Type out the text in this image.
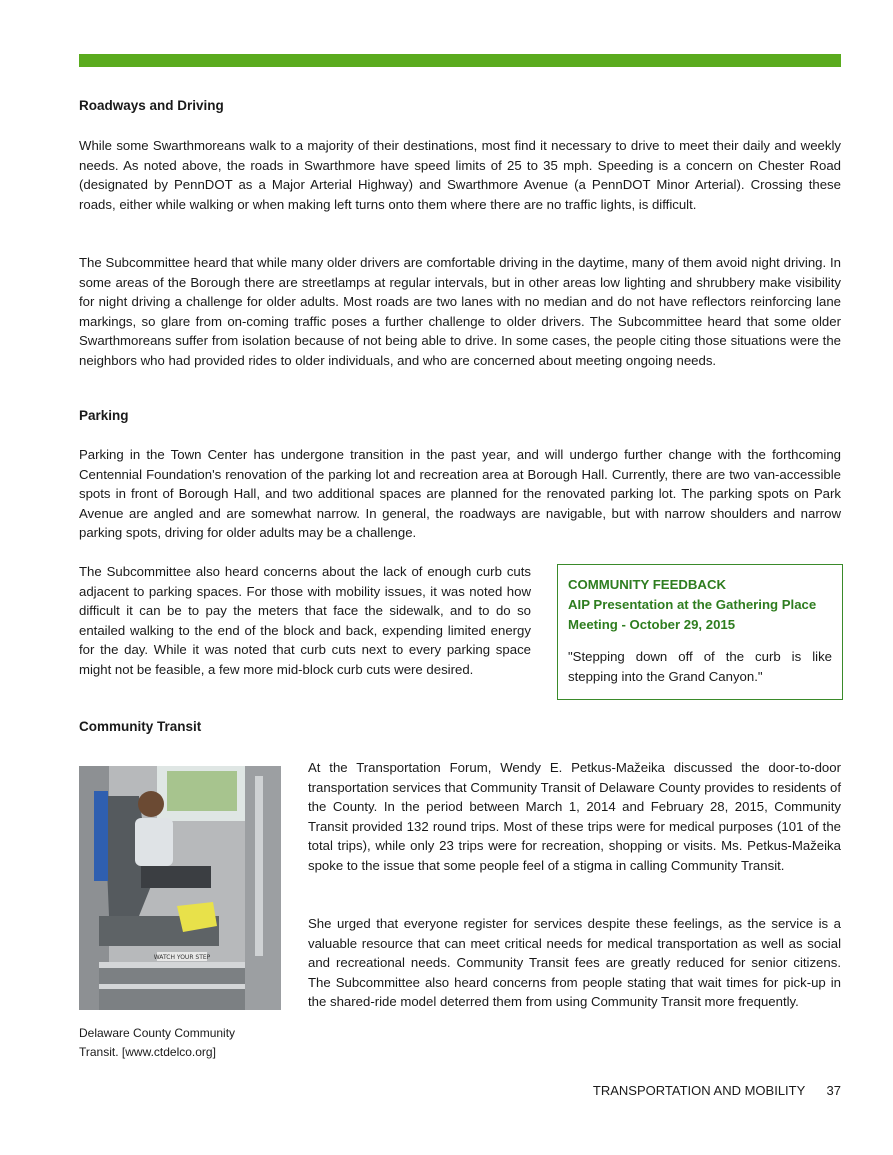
Roadways and Driving

While some Swarthmoreans walk to a majority of their destinations, most find it necessary to drive to meet their daily and weekly needs. As noted above, the roads in Swarthmore have speed limits of 25 to 35 mph. Speeding is a concern on Chester Road (designated by PennDOT as a Major Arterial Highway) and Swarthmore Avenue (a PennDOT Minor Arterial). Crossing these roads, either while walking or when making left turns onto them where there are no traffic lights, is difficult.

The Subcommittee heard that while many older drivers are comfortable driving in the daytime, many of them avoid night driving. In some areas of the Borough there are streetlamps at regular intervals, but in other areas low lighting and shrubbery make visibility for night driving a challenge for older adults. Most roads are two lanes with no median and do not have reflectors reinforcing lane markings, so glare from on-coming traffic poses a further challenge to older drivers. The Subcommittee heard that some older Swarthmoreans suffer from isolation because of not being able to drive. In some cases, the people citing those situations were the neighbors who had provided rides to older individuals, and who are concerned about meeting ongoing needs.

Parking

Parking in the Town Center has undergone transition in the past year, and will undergo further change with the forthcoming Centennial Foundation's renovation of the parking lot and recreation area at Borough Hall. Currently, there are two van-accessible spots in front of Borough Hall, and two additional spaces are planned for the renovated parking lot. The parking spots on Park Avenue are angled and are somewhat narrow. In general, the roadways are navigable, but with narrow shoulders and narrow parking spots, driving for older adults may be a challenge.

The Subcommittee also heard concerns about the lack of enough curb cuts adjacent to parking spaces. For those with mobility issues, it was noted how difficult it can be to pay the meters that face the sidewalk, and to do so entailed walking to the end of the block and back, expending limited energy for the day. While it was noted that curb cuts next to every parking space might not be feasible, a few more mid-block curb cuts were desired.

COMMUNITY FEEDBACK

AIP Presentation at the Gathering Place

Meeting - October 29, 2015

"Stepping down off of the curb is like stepping into the Grand Canyon."

Community Transit
WATCH YOUR STEP

Delaware County Community
Transit. [www.ctdelco.org]

At the Transportation Forum, Wendy E. Petkus-Mažeika discussed the door-to-door transportation services that Community Transit of Delaware County provides to residents of the County. In the period between March 1, 2014 and February 28, 2015, Community Transit provided 132 round trips. Most of these trips were for medical purposes (101 of the total trips), while only 23 trips were for recreation, shopping or visits. Ms. Petkus-Mažeika spoke to the issue that some people feel of a stigma in calling Community Transit.

She urged that everyone register for services despite these feelings, as the service is a valuable resource that can meet critical needs for medical transportation as well as social and recreational needs. Community Transit fees are greatly reduced for senior citizens. The Subcommittee also heard concerns from people stating that wait times for pick-up in the shared-ride model deterred them from using Community Transit more frequently.

TRANSPORTATION AND MOBILITY 37
